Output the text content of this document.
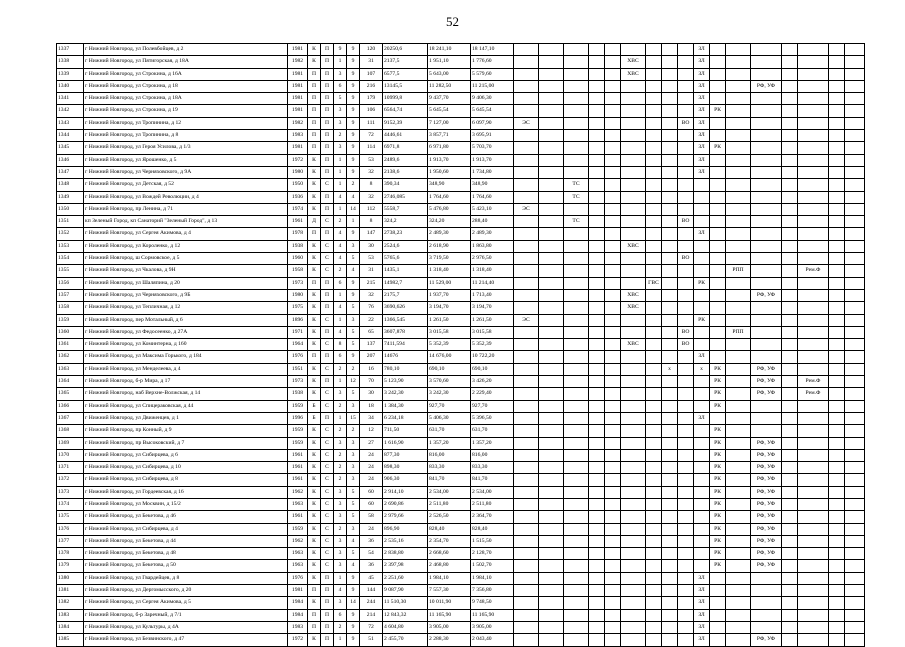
52
1337	г Нижний Новгород, ул Полевбойцев, д 2	1981	К	П	9	9	120	20250,6	18 241,10	18 147,10										ЗЛ							
1338	г Нижний Новгород, ул Пятигорская, д 18А	1982	К	П	1	9	31	2137,5	1 951,10	1 776,60						ХВС				ЗЛ							
1339	г Нижний Новгород, ул Строкина, д 16А	1981	П	П	3	9	107	6577,5	5 643,00	5 579,60						ХВС				ЗЛ							
1340	г Нижний Новгород, ул Строкина, д 18	1981	П	П	6	9	216	13145,5	11 282,50	11 215,00										ЗЛ			РФ, УФ				
1341	г Нижний Новгород, ул Строкина, д 18А	1981	П	П	5	9	179	10999,8	9 437,70	9 406,30										ЗЛ							
1342	г Нижний Новгород, ул Строкина, д 19	1981	П	П	3	9	106	6564,74	5 645,54	5 645,54										ЗЛ	РК						
1343	г Нижний Новгород, ул Тропинина, д 12	1982	П	П	3	9	111	9152,39	7 127,00	6 097,90	ЭС								ВО	ЗЛ							
1344	г Нижний Новгород, ул Тропинина, д 8	1983	П	П	2	9	72	4446,61	3 857,71	3 695,91										ЗЛ							
1345	г Нижний Новгород, ул Героя Усилова, д 1/3	1981	П	П	3	9	114	6971,8	6 971,80	5 703,70										ЗЛ	РК						
1346	г Нижний Новгород, ул Ярошенко, д 5	1972	К	П	1	9	53	2489,6	1 913,70	1 913,70										ЗЛ							
1347	г Нижний Новгород, ул Черняховского, д 9А	1980	К	П	1	9	32	2138,6	1 950,60	1 734,80										ЗЛ							
1348	г Нижний Новгород, ул Детская, д 52	1950	К	С	1	2	8	390,34	348,90	348,90			ТС														
1349	г Нижний Новгород, ул Вождей Революции, д 4	1936	К	П	4	4	32	2746,085	1 764,60	1 764,60			ТС														
1350	г Нижний Новгород, пр Ленина, д 71	1974	К	П	1	14	112	5558,7	5 476,80	5 423,10	ЭС																
1351	кп Зеленый Город, кп Санаторий "Зеленый Город", д 13	1961	Д	С	2	1	8	324,2	324,20	288,40			ТС						ВО								
1352	г Нижний Новгород, ул Сергея Акимова, д 4	1978	П	П	4	9	147	2738,23	2 489,30	2 489,30										ЗЛ							
1353	г Нижний Новгород, ул Короленко, д 12	1938	К	С	4	3	30	2524,6	2 618,90	1 863,80						ХВС											
1354	г Нижний Новгород, ш Сормовское, д 5	1960	К	С	4	5	53	5765,6	3 719,50	2 976,50									ВО								
1355	г Нижний Новгород, ул Чкалова, д 9Н	1958	К	С	2	4	31	1435,1	1 318,40	1 318,40												РПП			Рем.Ф		
1356	г Нижний Новгород, ул Шаляпина, д 20	1973	П	П	6	9	215	14982,7	11 529,00	11 214,40							ГВС			РК							
1357	г Нижний Новгород, ул Черняховского, д 9Б	1980	К	П	1	9	32	2175,7	1 937,70	1 713,40						ХВС							РФ, УФ				
1358	г Нижний Новгород, ул Тепличная, д 12	1975	К	П	4	5	76	3690,626	3 194,70	3 194,70						ХВС											
1359	г Нижний Новгород, пер Мотальный, д 6	1896	К	С	1	3	22	1366,545	1 261,50	1 261,50	ЭС									РК							
1360	г Нижний Новгород, ул Федосеенко, д 27А	1971	К	П	4	5	65	3607,878	3 015,58	3 015,58									ВО			РПП					
1361	г Нижний Новгород, ул Коминтерна, д 160	1964	К	С	8	5	137	7411,594	5 352,39	5 352,39						ХВС			ВО								
1362	г Нижний Новгород, ул Максима Горького, д 184	1976	П	П	6	9	207	14676	14 676,00	10 722,20										ЗЛ							
1363	г Нижний Новгород, ул Менделеева, д 4	1951	К	С	2	2	16	780,10	690,10	690,10								х		х	РК		РФ, УФ				
1364	г Нижний Новгород, б-р Мира, д 17	1973	К	П	1	12	70	5 123,90	3 570,60	3 426,20											РК		РФ, УФ		Рем.Ф		
1365	г Нижний Новгород, наб Верхне-Волжская, д 14	1938	К	С	3	5	30	3 242,30	3 242,30	2 229,40											РК		РФ, УФ		Рем.Ф		
1366	г Нижний Новгород, ул Спицераковская, д 44	1959	Б	С	2	3	18	1 384,30	927,70	927,70											РК						
1367	г Нижний Новгород, ул Движенцев, д 1	1996	Б	П	1	15	34	6 234,18	5 406,30	5 396,50										ЗЛ							
1368	г Нижний Новгород, пр Конный, д 9	1959	К	С	2	2	12	711,50	631,70	631,70											РК						
1369	г Нижний Новгород, пр Высоковский, д 7	1959	К	С	3	3	27	1 616,90	1 357,20	1 357,20											РК		РФ, УФ				
1370	г Нижний Новгород, ул Сибирцева, д 6	1961	К	С	2	3	24	877,30	816,00	816,00											РК		РФ, УФ				
1371	г Нижний Новгород, ул Сибирцева, д 10	1961	К	С	2	3	24	898,30	833,30	833,30											РК		РФ, УФ				
1372	г Нижний Новгород, ул Сибирцева, д 8	1961	К	С	2	3	24	906,30	841,70	841,70											РК		РФ, УФ				
1373	г Нижний Новгород, ул Гордеевская, д 16	1962	К	С	3	5	60	2 914,10	2 534,00	2 534,00											РК		РФ, УФ				
1374	г Нижний Новгород, ул Москвин, д 15/2	1963	К	С	3	5	60	2 690,86	2 511,80	2 511,80											РК		РФ, УФ				
1375	г Нижний Новгород, ул Бекетова, д 46	1961	К	С	3	5	58	2 979,66	2 526,50	2 364,70											РК		РФ, УФ				
1376	г Нижний Новгород, ул Сибирцева, д 4	1959	К	С	2	3	24	896,90	828,40	828,40											РК		РФ, УФ				
1377	г Нижний Новгород, ул Бекетова, д 44	1962	К	С	3	4	36	2 535,16	2 354,70	1 515,50											РК		РФ, УФ				
1378	г Нижний Новгород, ул Бекетова, д 48	1963	К	С	3	5	54	2 838,80	2 668,60	2 128,70											РК		РФ, УФ				
1379	г Нижний Новгород, ул Бекетова, д 50	1963	К	С	3	4	36	2 397,98	2 468,80	1 502,70											РК		РФ, УФ				
1380	г Нижний Новгород, ул Гвардейцев, д 8	1976	К	П	1	9	45	2 251,60	1 984,10	1 984,10										ЗЛ							
1381	г Нижний Новгород, ул Дергомысского, д 20	1981	П	П	4	9	144	9 087,90	7 557,30	7 356,80										ЗЛ							
1382	г Нижний Новгород, ул Сергея Акимова, д 5	1984	К	П	3	14	244	11 510,30	10 011,90	9 748,50										ЗЛ							
1383	г Нижний Новгород, б-р Заречный, д 7/1	1984	П	П	6	9	214	12 843,32	11 165,90	11 165,90										ЗЛ							
1384	г Нижний Новгород, ул Культуры, д 4А	1983	П	П	2	9	72	4 604,80	3 905,00	3 905,00										ЗЛ							
1385	г Нижний Новгород, ул Безвинского, д 47	1972	К	П	1	9	51	2 455,70	2 288,30	2 043,40										ЗЛ			РФ, УФ				
